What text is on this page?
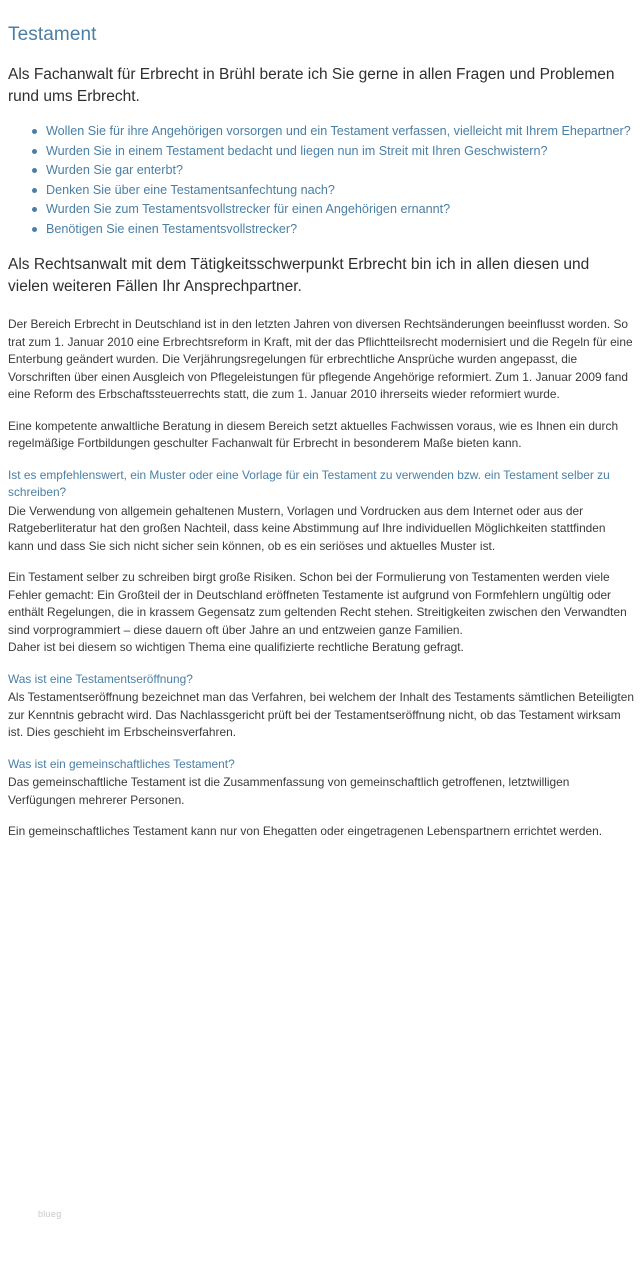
Testament

Als Fachanwalt für Erbrecht in Brühl berate ich Sie gerne in allen Fragen und Problemen rund ums Erbrecht.

Wollen Sie für ihre Angehörigen vorsorgen und ein Testament verfassen, vielleicht mit Ihrem Ehepartner?
Wurden Sie in einem Testament bedacht und liegen nun im Streit mit Ihren Geschwistern?
Wurden Sie gar enterbt?
Denken Sie über eine Testamentsanfechtung nach?
Wurden Sie zum Testamentsvollstrecker für einen Angehörigen ernannt?
Benötigen Sie einen Testamentsvollstrecker?

Als Rechtsanwalt mit dem Tätigkeitsschwerpunkt Erbrecht bin ich in allen diesen und vielen weiteren Fällen Ihr Ansprechpartner.

Der Bereich Erbrecht in Deutschland ist in den letzten Jahren von diversen Rechtsänderungen beeinflusst worden. So trat zum 1. Januar 2010 eine Erbrechtsreform in Kraft, mit der das Pflichtteilsrecht modernisiert und die Regeln für eine Enterbung geändert wurden. Die Verjährungsregelungen für erbrechtliche Ansprüche wurden angepasst, die Vorschriften über einen Ausgleich von Pflegeleistungen für pflegende Angehörige reformiert. Zum 1. Januar 2009 fand eine Reform des Erbschaftssteuerrechts statt, die zum 1. Januar 2010 ihrerseits wieder reformiert wurde.

Eine kompetente anwaltliche Beratung in diesem Bereich setzt aktuelles Fachwissen voraus, wie es Ihnen ein durch regelmäßige Fortbildungen geschulter Fachanwalt für Erbrecht in besonderem Maße bieten kann.

Ist es empfehlenswert, ein Muster oder eine Vorlage für ein Testament zu verwenden bzw. ein Testament selber zu schreiben?

Die Verwendung von allgemein gehaltenen Mustern, Vorlagen und Vordrucken aus dem Internet oder aus der Ratgeberliteratur hat den großen Nachteil, dass keine Abstimmung auf Ihre individuellen Möglichkeiten stattfinden kann und dass Sie sich nicht sicher sein können, ob es ein seriöses und aktuelles Muster ist.

Ein Testament selber zu schreiben birgt große Risiken. Schon bei der Formulierung von Testamenten werden viele Fehler gemacht: Ein Großteil der in Deutschland eröffneten Testamente ist aufgrund von Formfehlern ungültig oder enthält Regelungen, die in krassem Gegensatz zum geltenden Recht stehen. Streitigkeiten zwischen den Verwandten sind vorprogrammiert – diese dauern oft über Jahre an und entzweien ganze Familien.

Daher ist bei diesem so wichtigen Thema eine qualifizierte rechtliche Beratung gefragt.

Was ist eine Testamentseröffnung?

Als Testamentseröffnung bezeichnet man das Verfahren, bei welchem der Inhalt des Testaments sämtlichen Beteiligten zur Kenntnis gebracht wird. Das Nachlassgericht prüft bei der Testamentseröffnung nicht, ob das Testament wirksam ist. Dies geschieht im Erbscheinsverfahren.

Was ist ein gemeinschaftliches Testament?

Das gemeinschaftliche Testament ist die Zusammenfassung von gemeinschaftlich getroffenen, letztwilligen Verfügungen mehrerer Personen.

Ein gemeinschaftliches Testament kann nur von Ehegatten oder eingetragenen Lebenspartnern errichtet werden.

blueg
